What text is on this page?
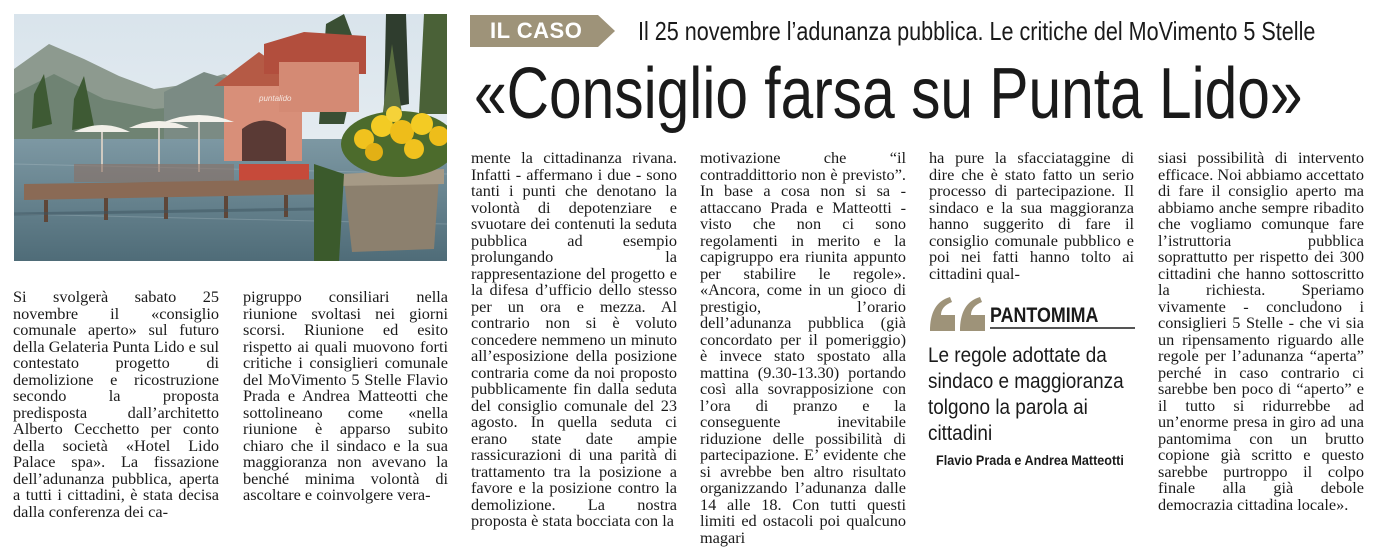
puntalido
IL CASO Il 25 novembre l’adunanza pubblica. Le critiche del MoVimento 5 Stelle
«Consiglio farsa su Punta Lido»

Si svolgerà sabato 25 novembre il «consiglio comunale aperto» sul futuro della Gelateria Punta Lido e sul contestato progetto di demolizione e ricostruzione secondo la proposta predisposta dall’architetto Alberto Cecchetto per conto della società «Hotel Lido Palace spa». La fissazione dell’adunanza pubblica, aperta a tutti i cittadini, è stata decisa dalla conferenza dei ca-

pigruppo consiliari nella riunione svoltasi nei giorni scorsi. Riunione ed esito rispetto ai quali muovono forti critiche i consiglieri comunale del MoVimento 5 Stelle Flavio Prada e Andrea Matteotti che sottolineano come «nella riunione è apparso subito chiaro che il sindaco e la sua maggioranza non avevano la benché minima volontà di ascoltare e coinvolgere vera-

mente la cittadinanza rivana. Infatti - affermano i due - sono tanti i punti che denotano la volontà di depotenziare e svuotare dei contenuti la seduta pubblica ad esempio prolungando la rappresentazione del progetto e la difesa d’ufficio dello stesso per un ora e mezza. Al contrario non si è voluto concedere nemmeno un minuto all’esposizione della posizione contraria come da noi proposto pubblicamente fin dalla seduta del consiglio comunale del 23 agosto. In quella seduta ci erano state date ampie rassicurazioni di una parità di trattamento tra la posizione a favore e la posizione contro la demolizione. La nostra proposta è stata bocciata con la

motivazione che “il contraddittorio non è previsto”. In base a cosa non si sa - attaccano Prada e Matteotti - visto che non ci sono regolamenti in merito e la capigruppo era riunita appunto per stabilire le regole». «Ancora, come in un gioco di prestigio, l’orario dell’adunanza pubblica (già concordato per il pomeriggio) è invece stato spostato alla mattina (9.30-13.30) portando così alla sovrapposizione con l’ora di pranzo e la conseguente inevitabile riduzione delle possibilità di partecipazione. E’ evidente che si avrebbe ben altro risultato organizzando l’adunanza dalle 14 alle 18. Con tutti questi limiti ed ostacoli poi qualcuno magari

ha pure la sfacciataggine di dire che è stato fatto un serio processo di partecipazione. Il sindaco e la sua maggioranza hanno suggerito di fare il consiglio comunale pubblico e poi nei fatti hanno tolto ai cittadini qual-

siasi possibilità di intervento efficace. Noi abbiamo accettato di fare il consiglio aperto ma abbiamo anche sempre ribadito che vogliamo comunque fare l’istruttoria pubblica soprattutto per rispetto dei 300 cittadini che hanno sottoscritto la richiesta. Speriamo vivamente - concludono i consiglieri 5 Stelle - che vi sia un ripensamento riguardo alle regole per l’adunanza “aperta” perché in caso contrario ci sarebbe ben poco di “aperto” e il tutto si ridurrebbe ad un’enorme presa in giro ad una pantomima con un brutto copione già scritto e questo sarebbe purtroppo il colpo finale alla già debole democrazia cittadina locale».

PANTOMIMA
Le regole adottate da sindaco e maggioranza tolgono la parola ai cittadini
Flavio Prada e Andrea Matteotti
